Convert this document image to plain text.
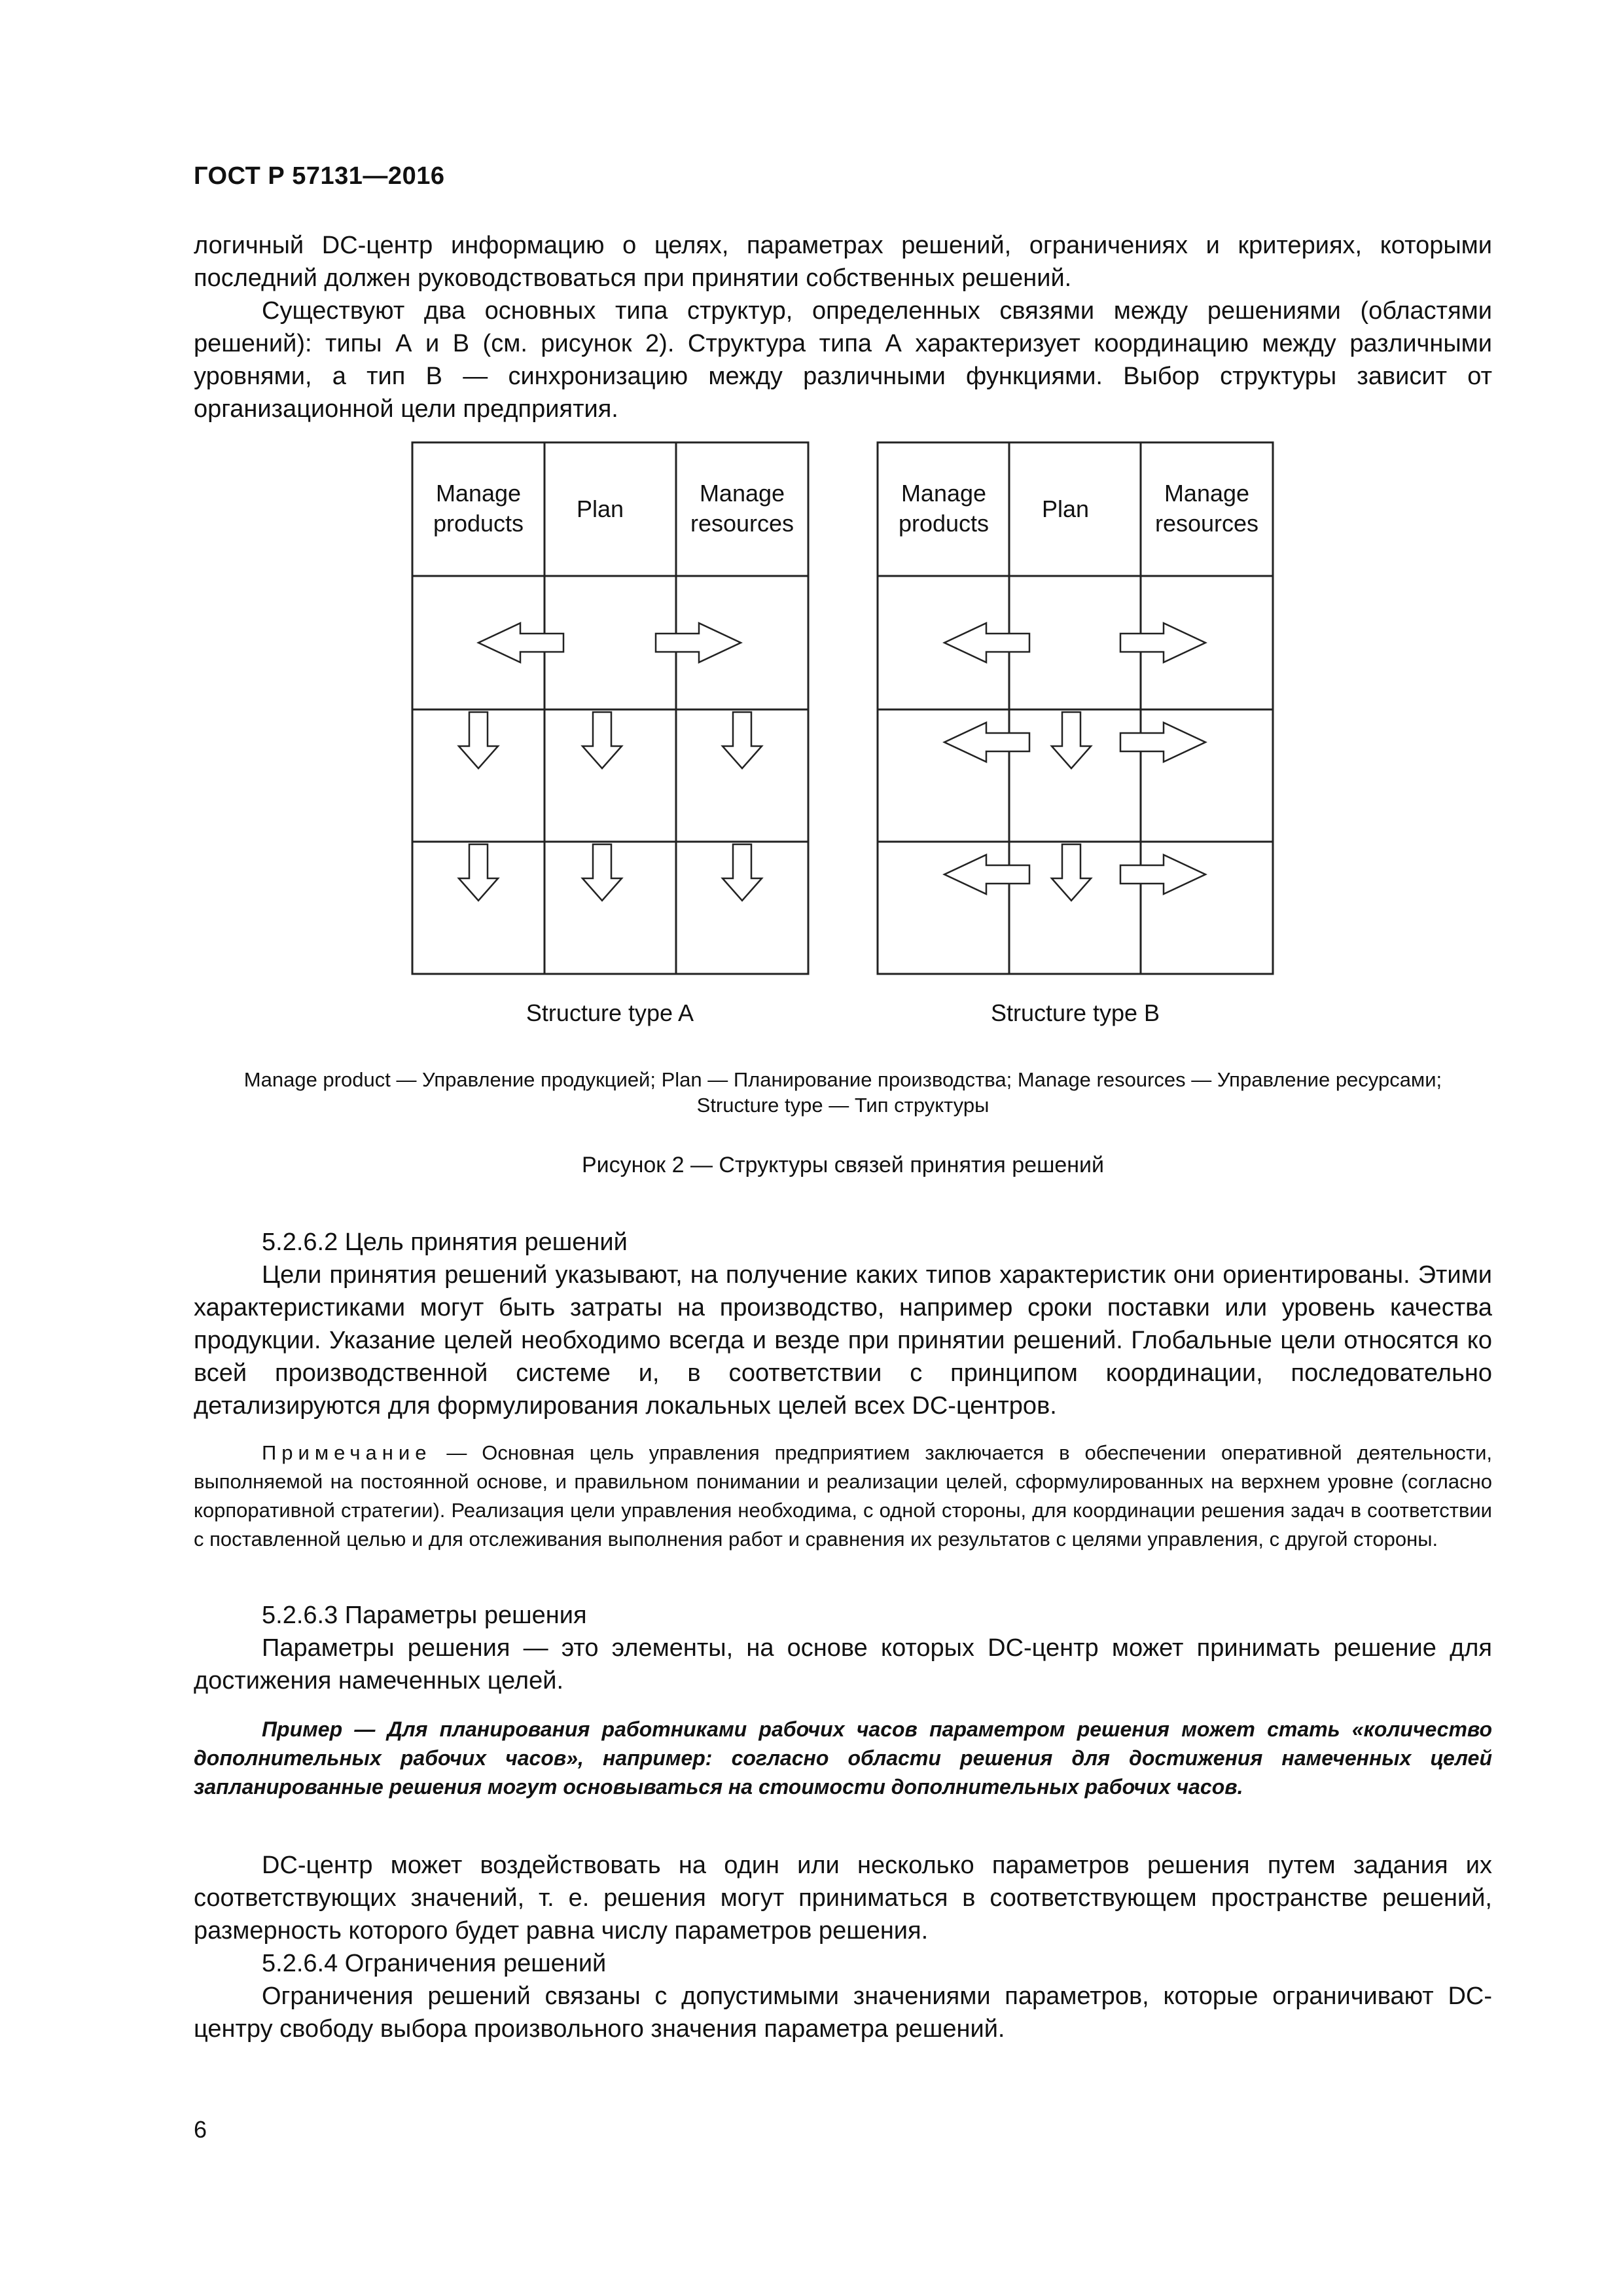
ГОСТ Р 57131—2016
логичный DC-центр информацию о целях, параметрах решений, ограничениях и критериях, которыми последний должен руководствоваться при принятии собственных решений.
Существуют два основных типа структур, определенных связями между решениями (областями решений): типы А и В (см. рисунок 2). Структура типа А характеризует координацию между различными уровнями, а тип В — синхронизацию между различными функциями. Выбор структуры зависит от организационной цели предприятия.
Manage
products
Plan
Manage
resources
Structure type A
Manage
products
Plan
Manage
resources
Structure type B
Manage product — Управление продукцией; Plan — Планирование производства; Manage resources — Управление ресурсами;
Structure type — Тип структуры
Рисунок 2 — Структуры связей принятия решений
5.2.6.2 Цель принятия решений
Цели принятия решений указывают, на получение каких типов характеристик они ориентированы. Этими характеристиками могут быть затраты на производство, например сроки поставки или уровень качества продукции. Указание целей необходимо всегда и везде при принятии решений. Глобальные цели относятся ко всей производственной системе и, в соответствии с принципом координации, последовательно детализируются для формулирования локальных целей всех DC-центров.
Примечание — Основная цель управления предприятием заключается в обеспечении оперативной деятельности, выполняемой на постоянной основе, и правильном понимании и реализации целей, сформулированных на верхнем уровне (согласно корпоративной стратегии). Реализация цели управления необходима, с одной стороны, для координации решения задач в соответствии с поставленной целью и для отслеживания выполнения работ и сравнения их результатов с целями управления, с другой стороны.
5.2.6.3 Параметры решения
Параметры решения — это элементы, на основе которых DC-центр может принимать решение для достижения намеченных целей.
Пример — Для планирования работниками рабочих часов параметром решения может стать «количество дополнительных рабочих часов», например: согласно области решения для достижения намеченных целей запланированные решения могут основываться на стоимости дополнительных рабочих часов.
DC-центр может воздействовать на один или несколько параметров решения путем задания их соответствующих значений, т. е. решения могут приниматься в соответствующем пространстве решений, размерность которого будет равна числу параметров решения.
5.2.6.4 Ограничения решений
Ограничения решений связаны с допустимыми значениями параметров, которые ограничивают DC-центру свободу выбора произвольного значения параметра решений.
6
